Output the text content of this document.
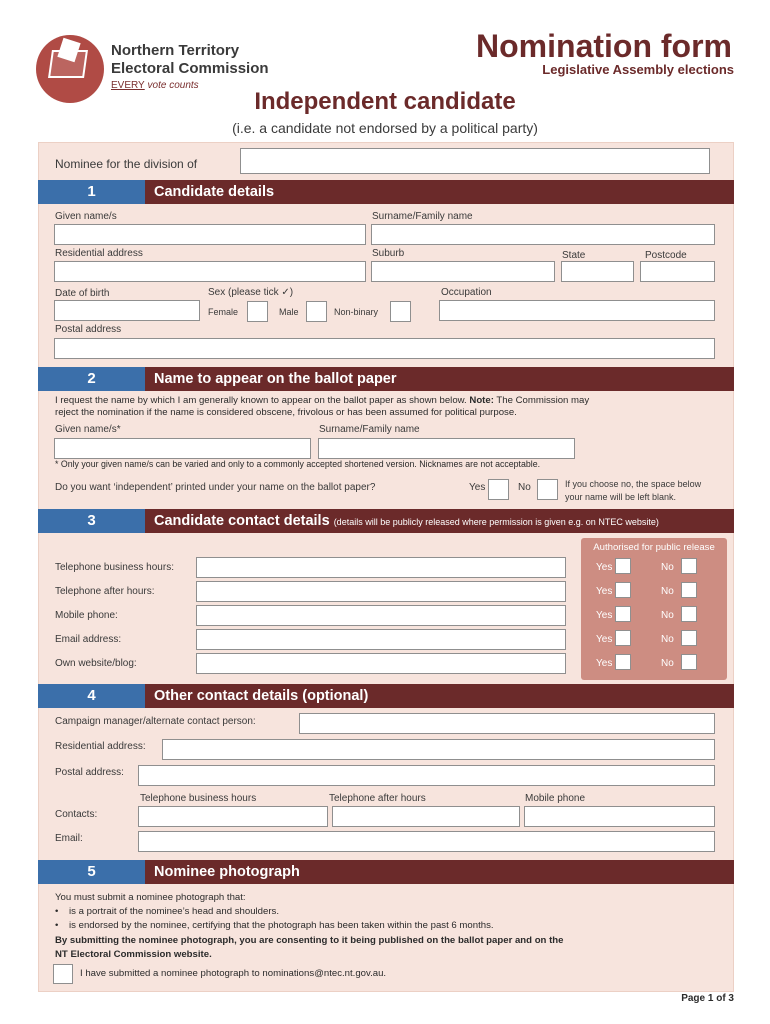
Northern Territory
Electoral Commission
EVERY vote counts
Nomination form
Legislative Assembly elections
Independent candidate
(i.e. a candidate not endorsed by a political party)
Nominee for the division of
1	Candidate details
Given name/s	Surname/Family name
Residential address	Suburb	State	Postcode
Date of birth	Sex (please tick ✓)
Female	Male	Non-binary
Occupation
Postal address
2	Name to appear on the ballot paper
I request the name by which I am generally known to appear on the ballot paper as shown below. Note: The Commission may
reject the nomination if the name is considered obscene, frivolous or has been assumed for political purpose.
Given name/s*	Surname/Family name
* Only your given name/s can be varied and only to a commonly accepted shortened version. Nicknames are not acceptable.
Do you want ‘independent’ printed under your name on the ballot paper?	Yes	No	If you choose no, the space below
your name will be left blank.
3	Candidate contact details (details will be publicly released where permission is given e.g. on NTEC website)
Authorised for public release
Telephone business hours:	Yes	No
Telephone after hours:	Yes	No
Mobile phone:	Yes	No
Email address:	Yes	No
Own website/blog:	Yes	No
4	Other contact details (optional)
Campaign manager/alternate contact person:
Residential address:
Postal address:
Telephone business hours	Telephone after hours	Mobile phone
Contacts:
Email:
5	Nominee photograph
You must submit a nominee photograph that:
•    is a portrait of the nominee’s head and shoulders.
•    is endorsed by the nominee, certifying that the photograph has been taken within the past 6 months.
By submitting the nominee photograph, you are consenting to it being published on the ballot paper and on the
NT Electoral Commission website.
I have submitted a nominee photograph to nominations@ntec.nt.gov.au.
Page 1 of 3
